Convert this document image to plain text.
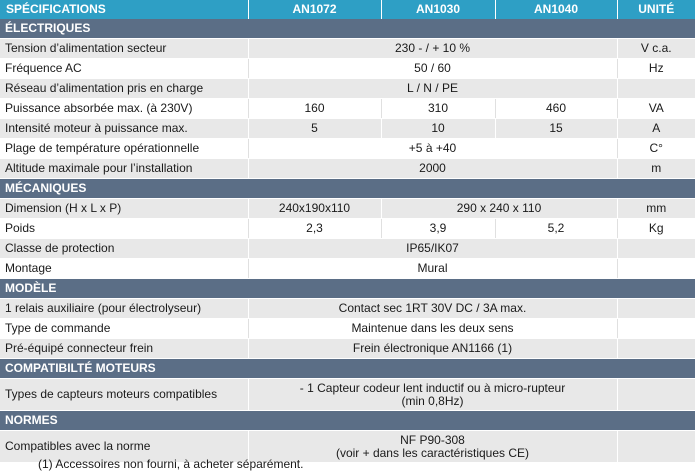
SPÉCIFICATIONS	AN1072	AN1030	AN1040	UNITÉ
ÉLECTRIQUES				
Tension d’alimentation secteur	230 - / + 10 %			V c.a.
Fréquence AC	50 / 60			Hz
Réseau d’alimentation pris en charge	L / N / PE			
Puissance absorbée max. (à 230V)	160	310	460	VA
Intensité moteur à puissance max.	5	10	15	A
Plage de température opérationnelle	+5 à +40			C°
Altitude maximale pour l’installation	2000			m
MÉCANIQUES				
Dimension (H x L x P)	240x190x110	290 x 240 x 110		mm
Poids	2,3	3,9	5,2	Kg
Classe de protection	IP65/IK07			
Montage	Mural			
MODÈLE				
1 relais auxiliaire (pour électrolyseur)	Contact sec 1RT 30V DC / 3A max.			
Type de commande	Maintenue dans les deux sens			
Pré-équipé connecteur frein	Frein électronique AN1166 (1)			
COMPATIBILTÉ MOTEURS				
Types de capteurs moteurs compatibles	- 1 Capteur codeur lent inductif ou à micro-rupteur
(min 0,8Hz)			

NORMES				
Compatibles avec la norme	NF P90-308
(voir + dans les caractéristiques CE)			

(1) Accessoires non fourni, à acheter séparément.
